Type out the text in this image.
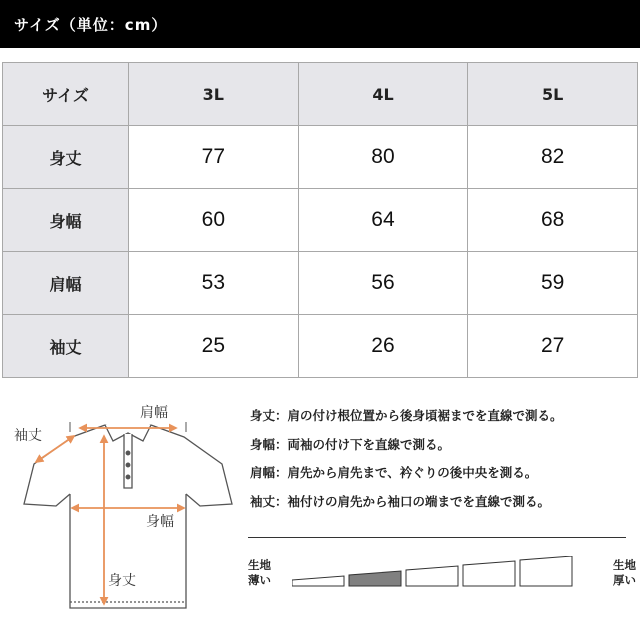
サイズ（単位：cm）
サイズ	3L	4L	5L
身丈	77	80	82
身幅	60	64	68
肩幅	53	56	59
袖丈	25	26	27
肩幅
袖丈
身幅
身丈
身丈：肩の付け根位置から後身頃裾までを直線で測る。
身幅：両袖の付け下を直線で測る。
肩幅：肩先から肩先まで、衿ぐりの後中央を測る。
袖丈：袖付けの肩先から袖口の端までを直線で測る。
生地
薄い
生地
厚い
